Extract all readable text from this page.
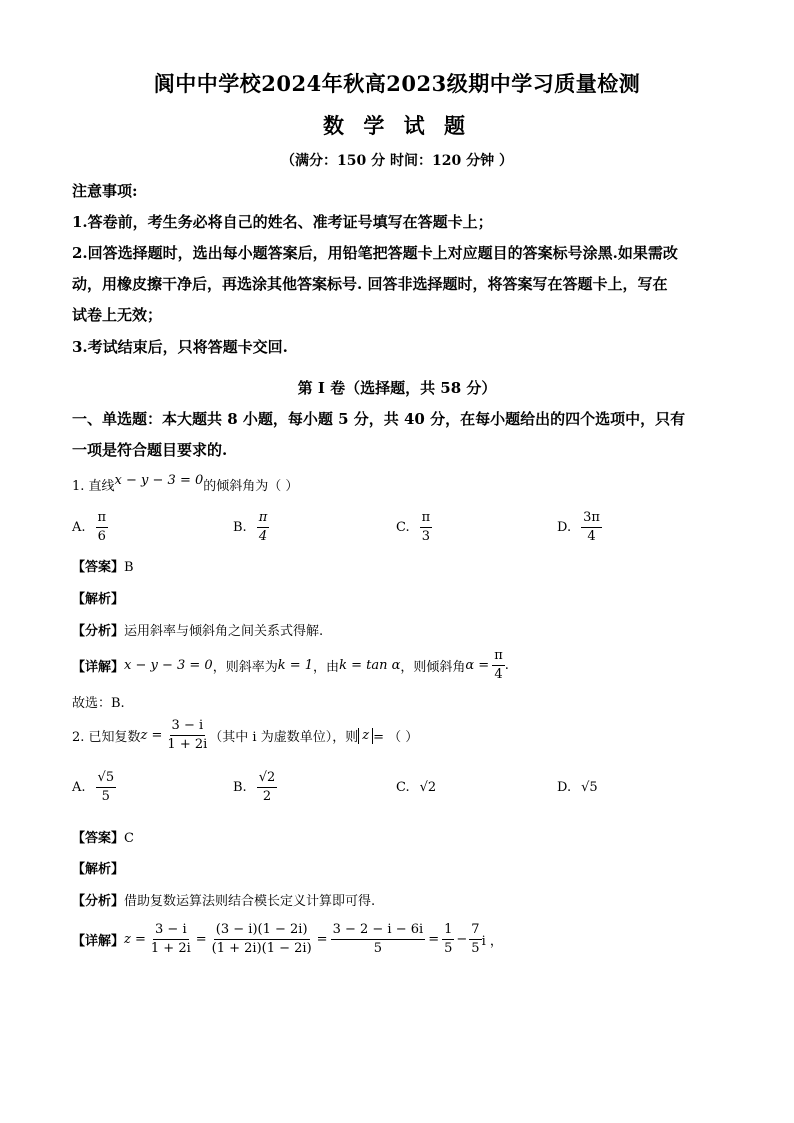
阆中中学校2024年秋高2023级期中学习质量检测
数 学 试 题
（满分：150 分 时间：120 分钟 ）
注意事项:
1.答卷前，考生务必将自己的姓名、准考证号填写在答题卡上；
2.回答选择题时，选出每小题答案后，用铅笔把答题卡上对应题目的答案标号涂黑.如果需改
动，用橡皮擦干净后，再选涂其他答案标号. 回答非选择题时，将答案写在答题卡上，写在
试卷上无效；
3.考试结束后，只将答题卡交回.
第 I 卷（选择题，共 58 分）
一、单选题：本大题共 8 小题，每小题 5 分，共 40 分，在每小题给出的四个选项中，只有
一项是符合题目要求的.
1. 直线x − y − 3 = 0的倾斜角为（ ）
A. $\frac{\pi}{6}$	B. $\frac{\pi}{4}$	C. $\frac{\pi}{3}$	D. $\frac{3\pi}{4}$
【答案】B
【解析】
【分析】运用斜率与倾斜角之间关系式得解.
【详解】 x − y − 3 = 0 ，则斜率为 k = 1 ，由 k = tan α ，则倾斜角 $\alpha = \frac{\pi}{4}$ .
故选：B.
2. 已知复数 $z = \frac{3 - i}{1 + 2i}$ （其中 i 为虚数单位），则 z = （ ）
A. $\frac{√5}{5}$	B. $\frac{√2}{2}$	C. √2	D. √5
【答案】C
【解析】
【分析】借助复数运算法则结合模长定义计算即可得.
【详解】 $z = \frac{3 - i}{1 + 2i} = \frac{(3 - i)(1 - 2i)}{(1 + 2i)(1 - 2i)} = \frac{3 - 2 - i - 6i}{5} = \frac{1}{5} - \frac{7}{5}$ i ，
